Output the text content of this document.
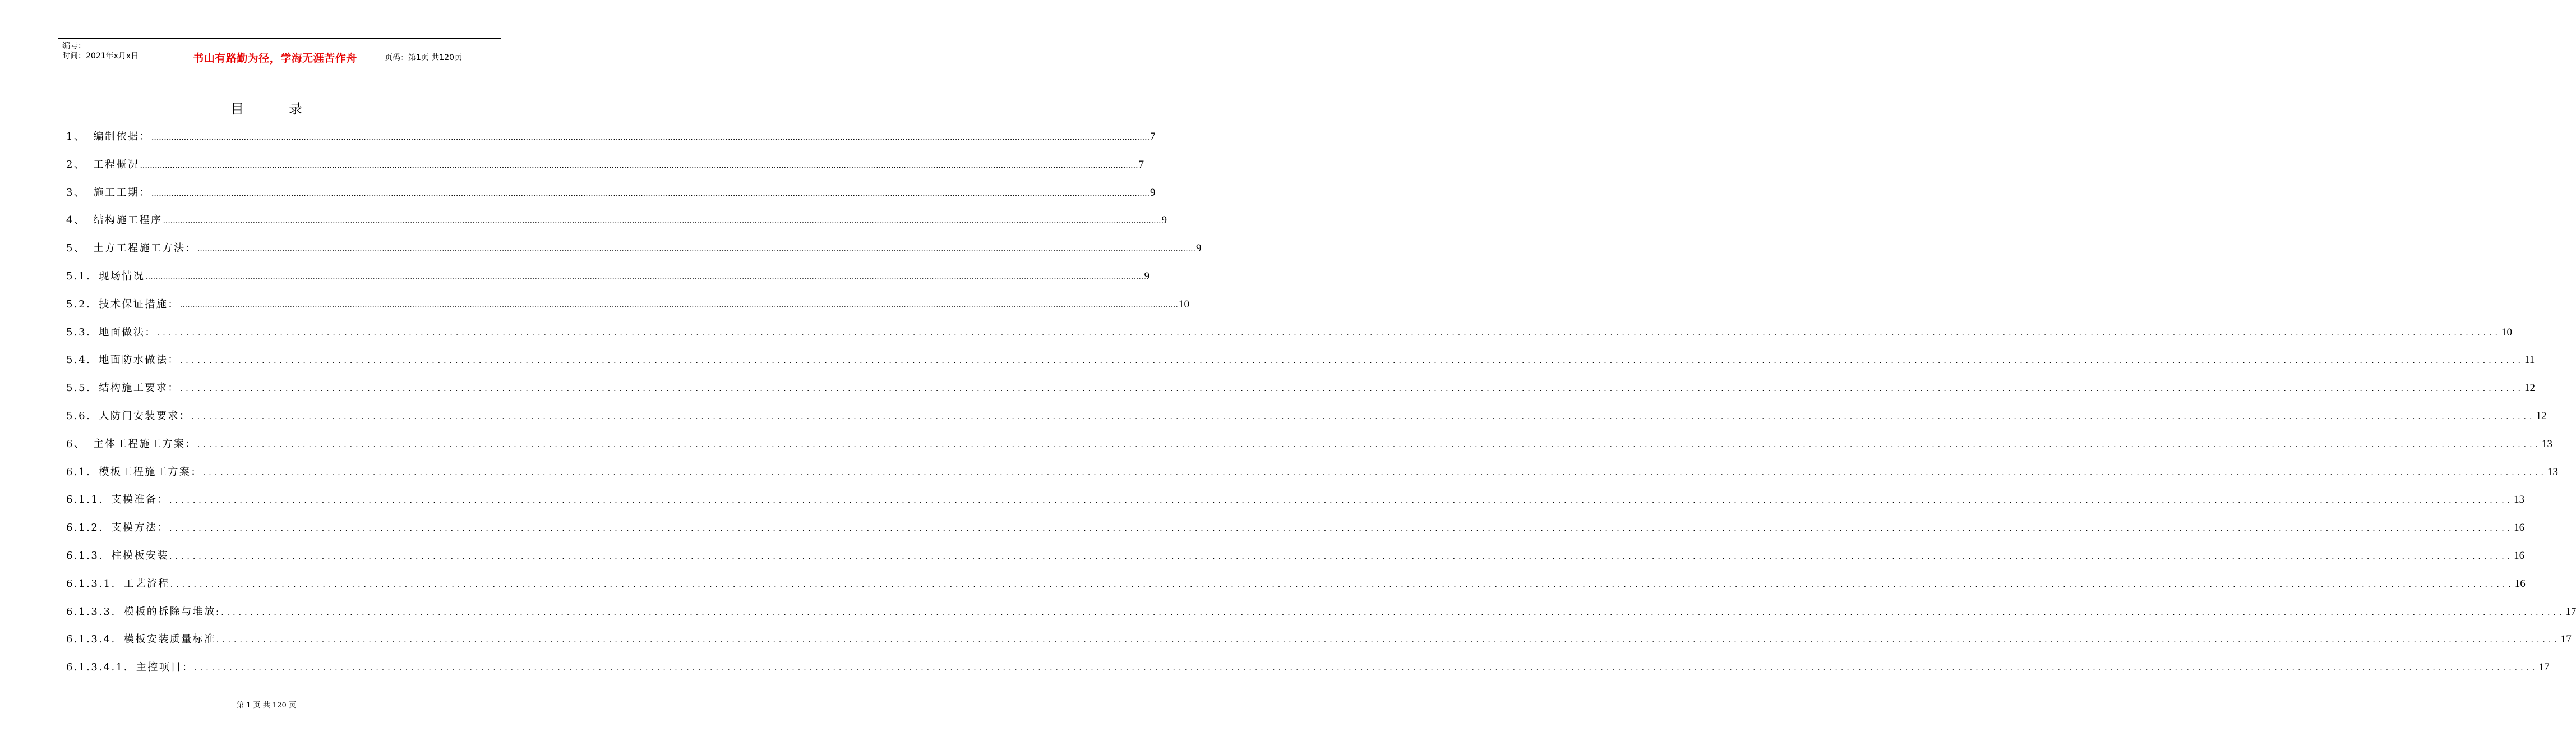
编号：
时间：2021年x月x日	书山有路勤为径，学海无涯苦作舟	页码：第1页 共120页
目	录
1、 编制依据： ................................................................................................................................................................................................................................................................................................................................................................................................................ 7
2、 工程概况 ................................................................................................................................................................................................................................................................................................................................................................................................................ 7
3、 施工工期： ................................................................................................................................................................................................................................................................................................................................................................................................................ 9
4、 结构施工程序 ................................................................................................................................................................................................................................................................................................................................................................................................................ 9
5、 土方工程施工方法： ................................................................................................................................................................................................................................................................................................................................................................................................................ 9
5.1. 现场情况 ................................................................................................................................................................................................................................................................................................................................................................................................................ 9
5.2. 技术保证措施： ................................................................................................................................................................................................................................................................................................................................................................................................................ 10
5.3. 地面做法： ................................................................................................................................................................................................................................................................................................................................................................................................................ 10
5.4. 地面防水做法： ................................................................................................................................................................................................................................................................................................................................................................................................................ 11
5.5. 结构施工要求： ................................................................................................................................................................................................................................................................................................................................................................................................................ 12
5.6. 人防门安装要求： ................................................................................................................................................................................................................................................................................................................................................................................................................ 12
6、 主体工程施工方案： ................................................................................................................................................................................................................................................................................................................................................................................................................ 13
6.1. 模板工程施工方案： ................................................................................................................................................................................................................................................................................................................................................................................................................ 13
6.1.1. 支模准备： ................................................................................................................................................................................................................................................................................................................................................................................................................ 13
6.1.2. 支模方法： ................................................................................................................................................................................................................................................................................................................................................................................................................ 16
6.1.3. 柱模板安装 ................................................................................................................................................................................................................................................................................................................................................................................................................ 16
6.1.3.1. 工艺流程 ................................................................................................................................................................................................................................................................................................................................................................................................................ 16
6.1.3.3. 模板的拆除与堆放: ................................................................................................................................................................................................................................................................................................................................................................................................................ 17
6.1.3.4. 模板安装质量标准 ................................................................................................................................................................................................................................................................................................................................................................................................................ 17
6.1.3.4.1. 主控项目： ................................................................................................................................................................................................................................................................................................................................................................................................................ 17
第 1 页 共 120 页
